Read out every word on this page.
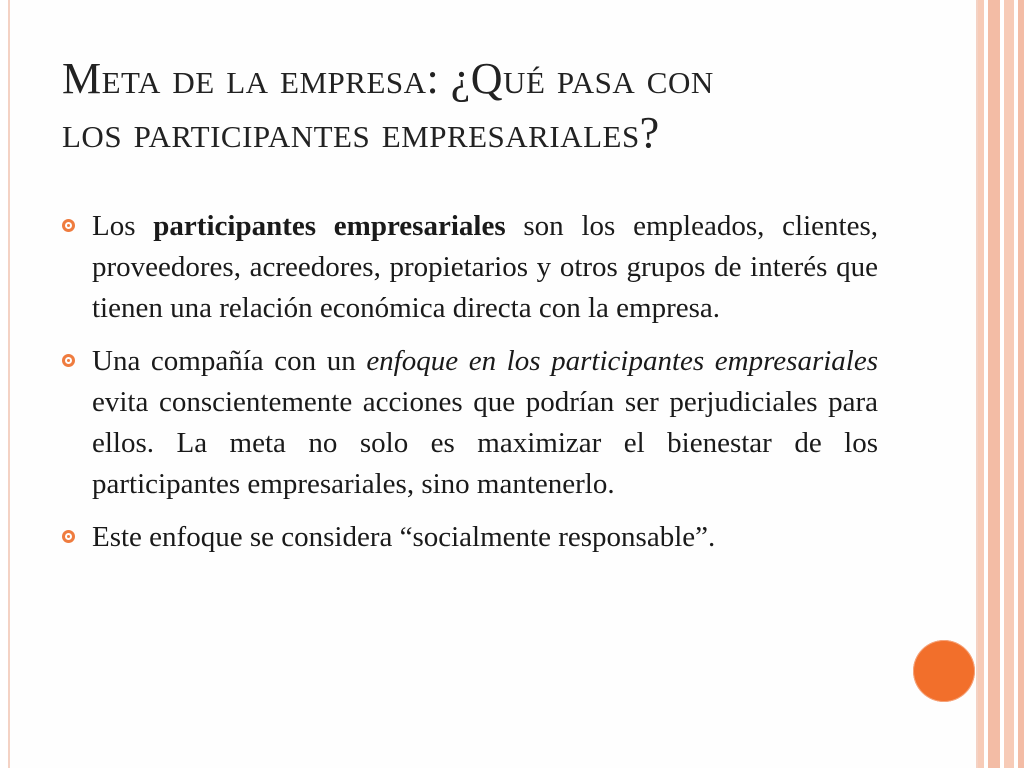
Meta de la empresa: ¿Qué pasa con
los participantes empresariales?
Los participantes empresariales son los empleados, clientes, proveedores, acreedores, propietarios y otros grupos de interés que tienen una relación económica directa con la empresa.
Una compañía con un enfoque en los participantes empresariales evita conscientemente acciones que podrían ser perjudiciales para ellos. La meta no solo es maximizar el bienestar de los participantes empresariales, sino mantenerlo.
Este enfoque se considera “socialmente responsable”.
